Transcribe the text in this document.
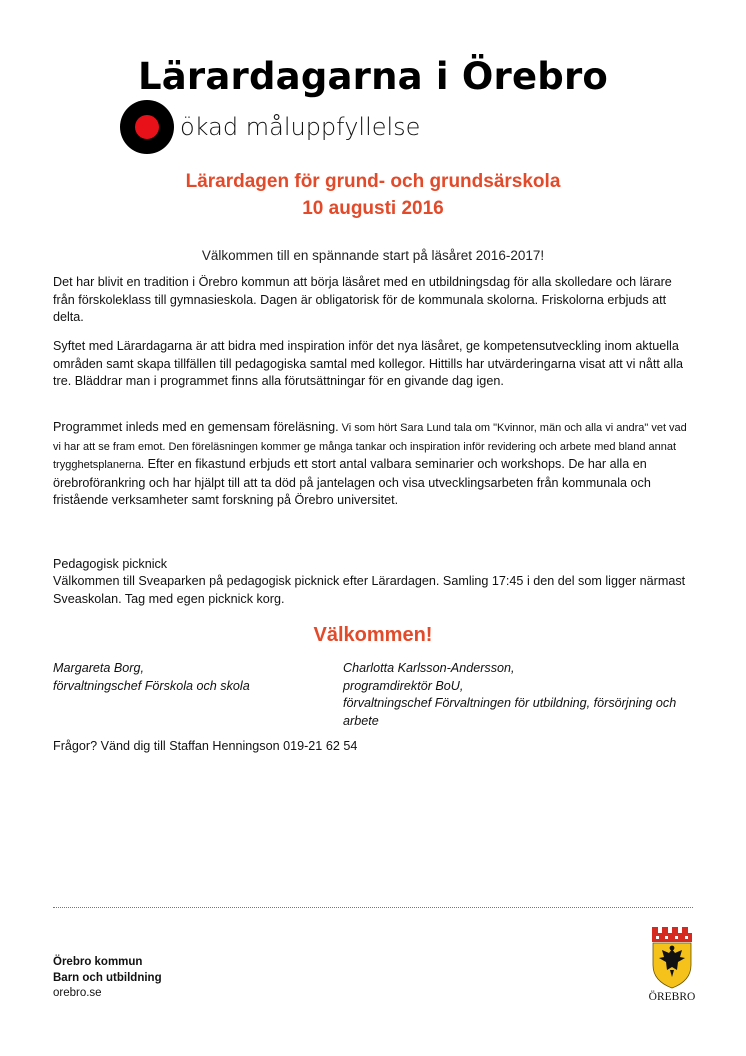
Lärardagarna i Örebro
ökad måluppfyllelse
Lärardagen för grund- och grundsärskola
10 augusti 2016
Välkommen till en spännande start på läsåret 2016-2017!
Det har blivit en tradition i Örebro kommun att börja läsåret med en utbildningsdag för alla skolledare och lärare från förskoleklass till gymnasieskola. Dagen är obligatorisk för de kommunala skolorna. Friskolorna erbjuds att delta.
Syftet med Lärardagarna är att bidra med inspiration inför det nya läsåret, ge kompetensutveckling inom aktuella områden samt skapa tillfällen till pedagogiska samtal med kollegor. Hittills har utvärderingarna visat att vi nått alla tre. Bläddrar man i programmet finns alla förutsättningar för en givande dag igen.
Programmet inleds med en gemensam föreläsning. Vi som hört Sara Lund tala om "Kvinnor, män och alla vi andra" vet vad vi har att se fram emot. Den föreläsningen kommer ge många tankar och inspiration inför revidering och arbete med bland annat trygghetsplanerna. Efter en fikastund erbjuds ett stort antal valbara seminarier och workshops. De har alla en örebroförankring och har hjälpt till att ta död på jantelagen och visa utvecklingsarbeten från kommunala och fristående verksamheter samt forskning på Örebro universitet.
Pedagogisk picknick
Välkommen till Sveaparken på pedagogisk picknick efter Lärardagen. Samling 17:45 i den del som ligger närmast Sveaskolan. Tag med egen picknick korg.
Välkommen!
Margareta Borg,
förvaltningschef Förskola och skola
Charlotta Karlsson-Andersson,
programdirektör BoU,
förvaltningschef Förvaltningen för utbildning, försörjning och arbete
Frågor? Vänd dig till Staffan Henningson 019-21 62 54
Örebro kommun
Barn och utbildning
orebro.se	ÖREBRO
